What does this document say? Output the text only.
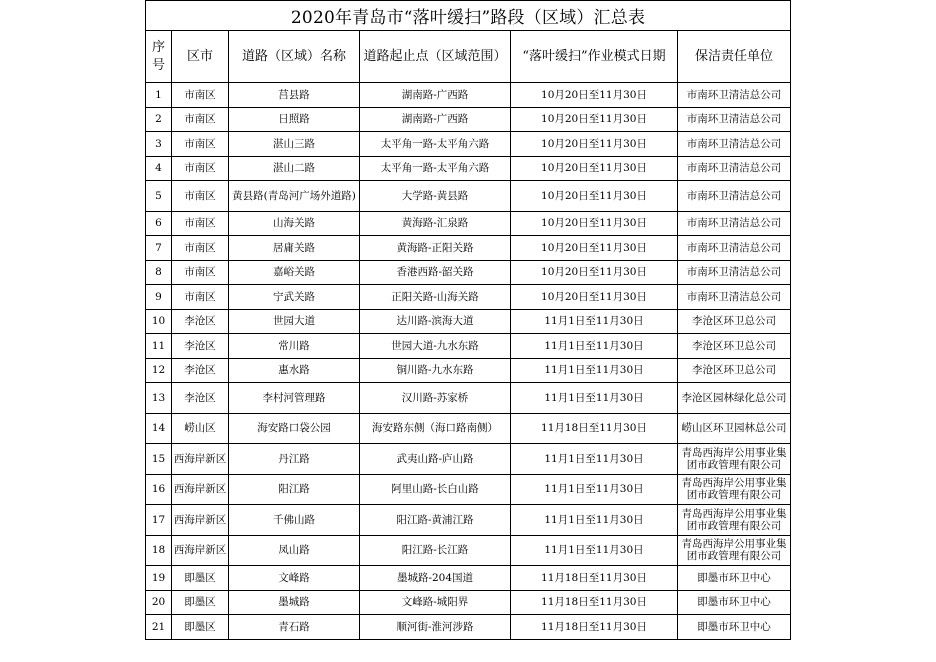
2020年青岛市“落叶缓扫”路段（区域）汇总表					
序号	区市	道路（区域）名称	道路起止点（区域范围）	“落叶缓扫”作业模式日期	保洁责任单位
1	市南区	莒县路	湖南路-广西路	10月20日至11月30日	市南环卫清洁总公司
2	市南区	日照路	湖南路-广西路	10月20日至11月30日	市南环卫清洁总公司
3	市南区	湛山三路	太平角一路-太平角六路	10月20日至11月30日	市南环卫清洁总公司
4	市南区	湛山二路	太平角一路-太平角六路	10月20日至11月30日	市南环卫清洁总公司
5	市南区	黄县路(青岛河广场外道路)	大学路-黄县路	10月20日至11月30日	市南环卫清洁总公司
6	市南区	山海关路	黄海路-汇泉路	10月20日至11月30日	市南环卫清洁总公司
7	市南区	居庸关路	黄海路-正阳关路	10月20日至11月30日	市南环卫清洁总公司
8	市南区	嘉峪关路	香港西路-韶关路	10月20日至11月30日	市南环卫清洁总公司
9	市南区	宁武关路	正阳关路-山海关路	10月20日至11月30日	市南环卫清洁总公司
10	李沧区	世园大道	达川路-滨海大道	11月1日至11月30日	李沧区环卫总公司
11	李沧区	常川路	世园大道-九水东路	11月1日至11月30日	李沧区环卫总公司
12	李沧区	惠水路	铜川路-九水东路	11月1日至11月30日	李沧区环卫总公司
13	李沧区	李村河管理路	汉川路-苏家桥	11月1日至11月30日	李沧区园林绿化总公司
14	崂山区	海安路口袋公园	海安路东侧（海口路南侧）	11月18日至11月30日	崂山区环卫园林总公司
15	西海岸新区	丹江路	武夷山路-庐山路	11月1日至11月30日	青岛西海岸公用事业集团市政管理有限公司
16	西海岸新区	阳江路	阿里山路-长白山路	11月1日至11月30日	青岛西海岸公用事业集团市政管理有限公司
17	西海岸新区	千佛山路	阳江路-黄浦江路	11月1日至11月30日	青岛西海岸公用事业集团市政管理有限公司
18	西海岸新区	凤山路	阳江路-长江路	11月1日至11月30日	青岛西海岸公用事业集团市政管理有限公司
19	即墨区	文峰路	墨城路-204国道	11月18日至11月30日	即墨市环卫中心
20	即墨区	墨城路	文峰路-城阳界	11月18日至11月30日	即墨市环卫中心
21	即墨区	青石路	顺河街-淮河涉路	11月18日至11月30日	即墨市环卫中心
